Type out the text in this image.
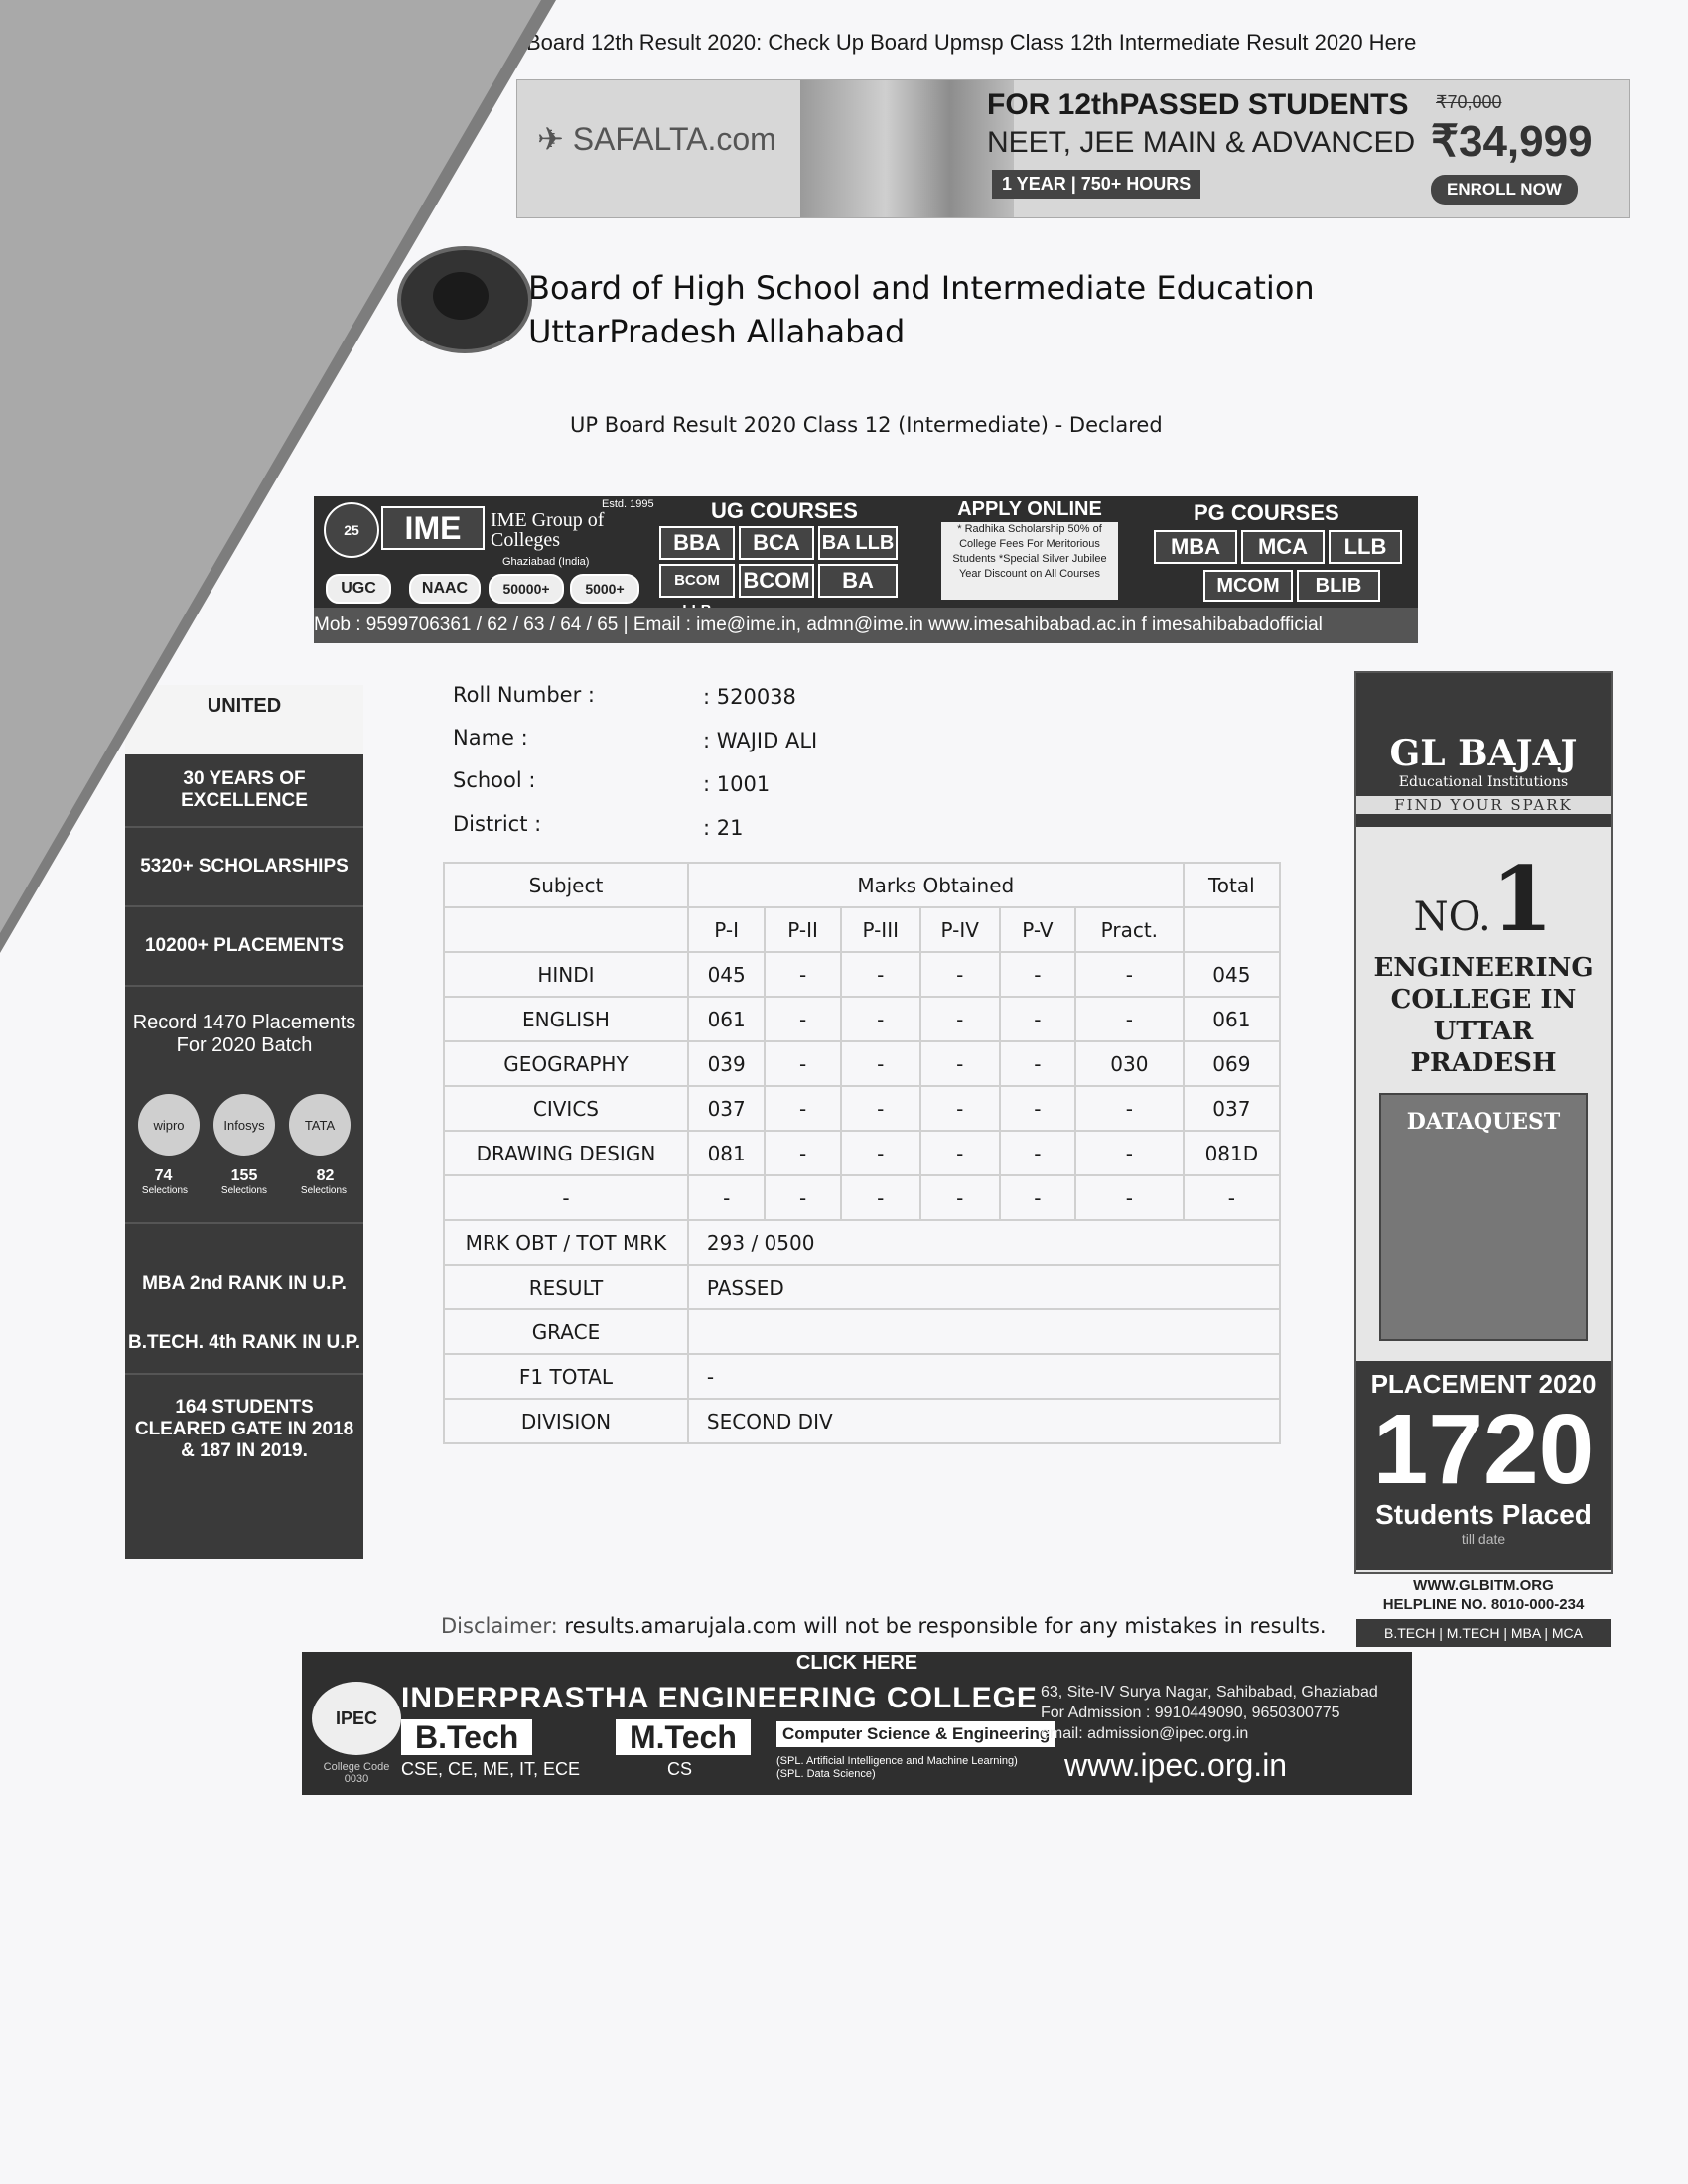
Board 12th Result 2020: Check Up Board Upmsp Class 12th Intermediate Result 2020 Here
us	✈ SAFALTA.com
FOR 12thPASSED STUDENTS
NEET, JEE MAIN & ADVANCED
1 YEAR | 750+ HOURS
₹70,000
₹34,999
ENROLL NOW
Board of High School and Intermediate Education
UttarPradesh Allahabad
UP Board Result 2020 Class 12 (Intermediate) - Declared
25	IME	IME Group of Colleges
Estd. 1995
Ghaziabad (India)
UGC	NAAC	50000+	5000+
UG COURSES
BBA	BCA	BA LLB
BCOM	BCOM	BA
APPLY ONLINE
* Radhika Scholarship 50% of College Fees For Meritorious Students *Special Silver Jubilee Year Discount on All Courses
PG COURSES
MBA	MCA	LLB
MCOM	BLIB
Mob : 9599706361 / 62 / 63 / 64 / 65 | Email : ime@ime.in, admn@ime.in www.imesahibabad.ac.in f imesahibabadofficial
UNITED
30 YEARS OF EXCELLENCE
5320+ SCHOLARSHIPS
10200+ PLACEMENTS
Record 1470 Placements For 2020 Batch
wipro	Infosys	TATA
74	155	82
Selections	Selections	Selections
MBA 2nd RANK IN U.P.
B.TECH. 4th RANK IN U.P.
164 STUDENTS CLEARED GATE IN 2018 & 187 IN 2019.
GL BAJAJ
Educational Institutions
FIND YOUR SPARK
NO.1
ENGINEERING COLLEGE IN UTTAR PRADESH
DATAQUEST
PLACEMENT 2020
1720
Students Placed
till date
WWW.GLBITM.ORG
HELPLINE NO. 8010-000-234
B.TECH | M.TECH | MBA | MCA
Roll Number :	: 520038
Name :	: WAJID ALI
School :	: 1001
District :	: 21
Subject	Marks Obtained						Total
	P-I	P-II	P-III	P-IV	P-V	Pract.	
HINDI	045	-	-	-	-	-	045
ENGLISH	061	-	-	-	-	-	061
GEOGRAPHY	039	-	-	-	-	030	069
CIVICS	037	-	-	-	-	-	037
DRAWING DESIGN	081	-	-	-	-	-	081D
-	-	-	-	-	-	-	-
MRK OBT / TOT MRK	293 / 0500						
RESULT	PASSED						
GRACE							
F1 TOTAL	-						
DIVISION	SECOND DIV						
Disclaimer: results.amarujala.com will not be responsible for any mistakes in results.
CLICK HERE
IPEC
College Code 0030
INDERPRASTHA ENGINEERING COLLEGE
B.Tech	M.Tech
CSE, CE, ME, IT, ECE	CS
Computer Science & Engineering
(SPL. Artificial Intelligence and Machine Learning) (SPL. Data Science)
63, Site-IV Surya Nagar, Sahibabad, Ghaziabad
For Admission : 9910449090, 9650300775
email: admission@ipec.org.in
www.ipec.org.in
